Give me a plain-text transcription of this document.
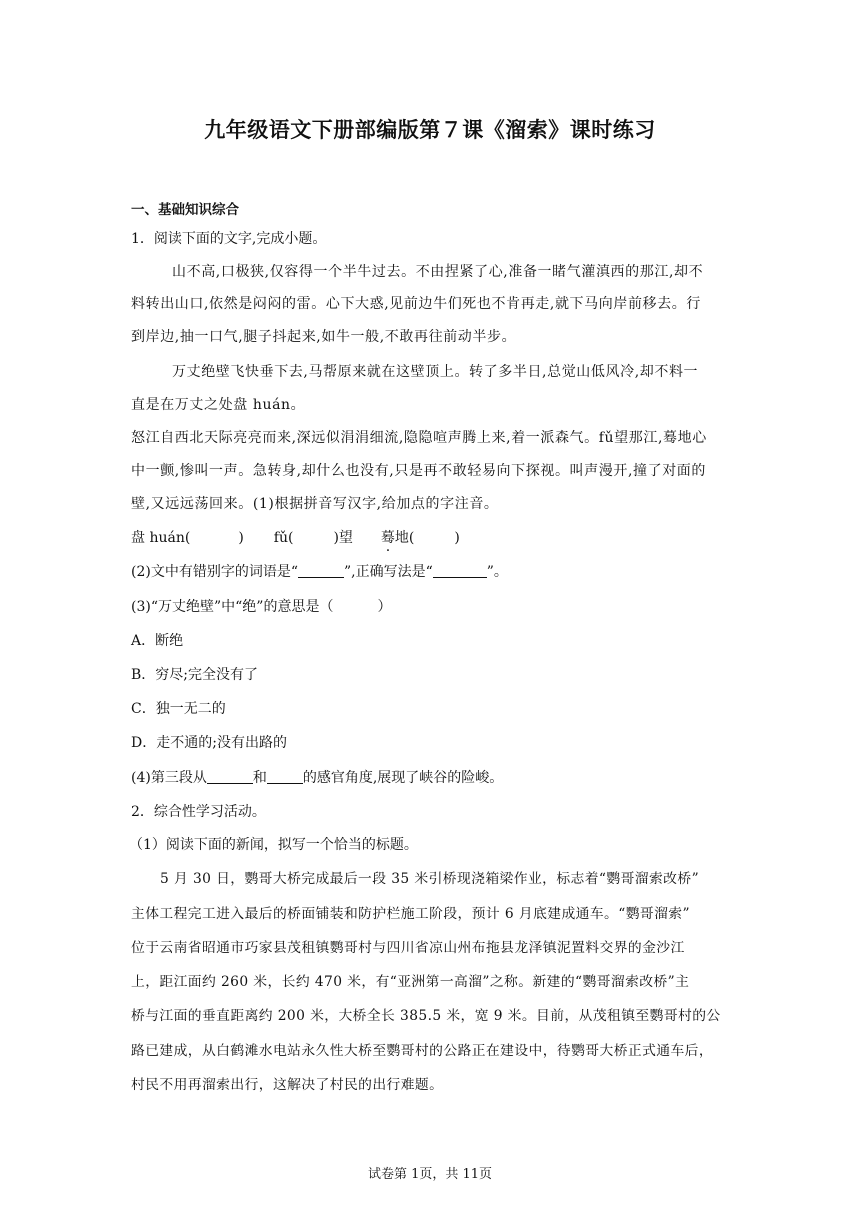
九年级语文下册部编版第７课《溜索》课时练习
一、基础知识综合
1．阅读下面的文字,完成小题。
山不高,口极狭,仅容得一个半牛过去。不由捏紧了心,准备一睹气灌滇西的那江,却不
料转出山口,依然是闷闷的雷。心下大惑,见前边牛们死也不肯再走,就下马向岸前移去。行
到岸边,抽一口气,腿子抖起来,如牛一般,不敢再往前动半步。
万丈绝壁飞快垂下去,马帮原来就在这壁顶上。转了多半日,总觉山低风冷,却不料一
直是在万丈之处盘 huán。
怒江自西北天际亮亮而来,深远似涓涓细流,隐隐喧声腾上来,着一派森气。fǔ望那江,蓦地心
中一颤,惨叫一声。急转身,却什么也没有,只是再不敢轻易向下探视。叫声漫开,撞了对面的
壁,又远远荡回来。(1)根据拼音写汉字,给加点的字注音。
盘 huán(	) fǔ(	)望 蓦地(	)
(2)文中有错别字的词语是“	”,正确写法是“	”。
(3)“万丈绝壁”中“绝”的意思是（	）
A．断绝
B．穷尽;完全没有了
C．独一无二的
D．走不通的;没有出路的
(4)第三段从	和	的感官角度,展现了峡谷的险峻。
2．综合性学习活动。
（1）阅读下面的新闻，拟写一个恰当的标题。
5 月 30 日，鹦哥大桥完成最后一段 35 米引桥现浇箱梁作业，标志着“鹦哥溜索改桥”
主体工程完工进入最后的桥面铺装和防护栏施工阶段，预计 6 月底建成通车。“鹦哥溜索”
位于云南省昭通市巧家县茂租镇鹦哥村与四川省凉山州布拖县龙泽镇泥置料交界的金沙江
上，距江面约 260 米，长约 470 米，有“亚洲第一高溜”之称。新建的“鹦哥溜索改桥”主
桥与江面的垂直距离约 200 米，大桥全长 385.5 米，宽 9 米。目前，从茂租镇至鹦哥村的公
路已建成，从白鹤滩水电站永久性大桥至鹦哥村的公路正在建设中，待鹦哥大桥正式通车后，
村民不用再溜索出行，这解决了村民的出行难题。
试卷第 1页，共 11页
